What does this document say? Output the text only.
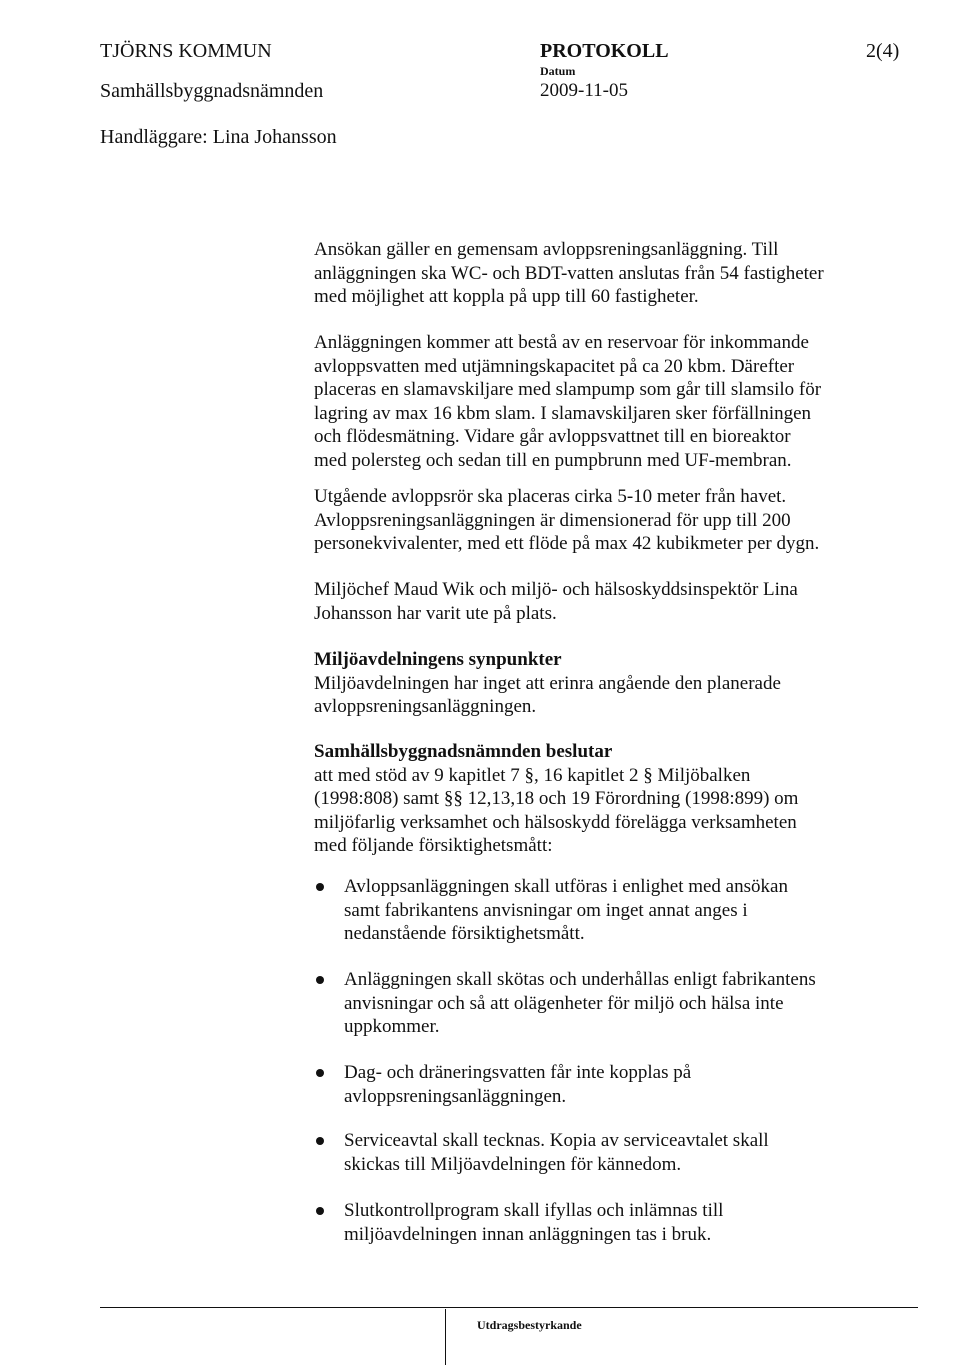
TJÖRNS KOMMUN
Samhällsbyggnadsnämnden
Handläggare: Lina Johansson
PROTOKOLL
Datum
2009-11-05
2(4)

Ansökan gäller en gemensam avloppsreningsanläggning. Till
anläggningen ska WC- och BDT-vatten anslutas från 54 fastigheter
med möjlighet att koppla på upp till 60 fastigheter.

Anläggningen kommer att bestå av en reservoar för inkommande
avloppsvatten med utjämningskapacitet på ca 20 kbm. Därefter
placeras en slamavskiljare med slampump som går till slamsilo för
lagring av max 16 kbm slam. I slamavskiljaren sker förfällningen
och flödesmätning. Vidare går avloppsvattnet till en bioreaktor
med polersteg och sedan till en pumpbrunn med UF-membran.

Utgående avloppsrör ska placeras cirka 5-10 meter från havet.
Avloppsreningsanläggningen är dimensionerad för upp till 200
personekvivalenter, med ett flöde på max 42 kubikmeter per dygn.

Miljöchef Maud Wik och miljö- och hälsoskyddsinspektör Lina
Johansson har varit ute på plats.

Miljöavdelningens synpunkter
Miljöavdelningen har inget att erinra angående den planerade
avloppsreningsanläggningen.
Samhällsbyggnadsnämnden beslutar
att med stöd av 9 kapitlet 7 §, 16 kapitlet 2 § Miljöbalken
(1998:808) samt §§ 12,13,18 och 19 Förordning (1998:899) om
miljöfarlig verksamhet och hälsoskydd förelägga verksamheten
med följande försiktighetsmått:
Avloppsanläggningen skall utföras i enlighet med ansökan
samt fabrikantens anvisningar om inget annat anges i
nedanstående försiktighetsmått.
Anläggningen skall skötas och underhållas enligt fabrikantens
anvisningar och så att olägenheter för miljö och hälsa inte
uppkommer.
Dag- och dräneringsvatten får inte kopplas på
avloppsreningsanläggningen.
Serviceavtal skall tecknas. Kopia av serviceavtalet skall
skickas till Miljöavdelningen för kännedom.
Slutkontrollprogram skall ifyllas och inlämnas till
miljöavdelningen innan anläggningen tas i bruk.
Utdragsbestyrkande
